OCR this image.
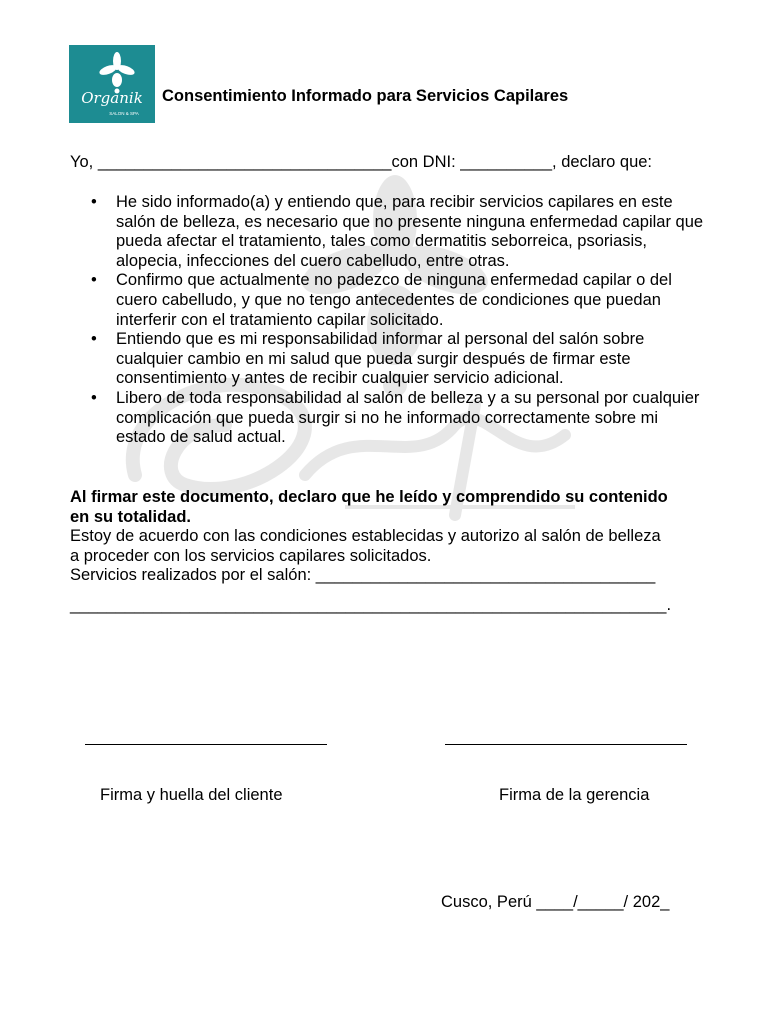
Organik
SALON & SPA
Consentimiento Informado para Servicios Capilares
Yo, ________________________________con DNI: __________, declaro que:
• He sido informado(a) y entiendo que, para recibir servicios capilares en este salón de belleza, es necesario que no presente ninguna enfermedad capilar que pueda afectar el tratamiento, tales como dermatitis seborreica, psoriasis, alopecia, infecciones del cuero cabelludo, entre otras.
• Confirmo que actualmente no padezco de ninguna enfermedad capilar o del cuero cabelludo, y que no tengo antecedentes de condiciones que puedan interferir con el tratamiento capilar solicitado.
• Entiendo que es mi responsabilidad informar al personal del salón sobre cualquier cambio en mi salud que pueda surgir después de firmar este consentimiento y antes de recibir cualquier servicio adicional.
• Libero de toda responsabilidad al salón de belleza y a su personal por cualquier complicación que pueda surgir si no he informado correctamente sobre mi estado de salud actual.

Al firmar este documento, declaro que he leído y comprendido su contenido en su totalidad.

Estoy de acuerdo con las condiciones establecidas y autorizo al salón de belleza a proceder con los servicios capilares solicitados.

Servicios realizados por el salón: _____________________________________
_________________________________________________________________.
Firma y huella del cliente	Firma de la gerencia
Cusco, Perú ____/_____/ 202_
